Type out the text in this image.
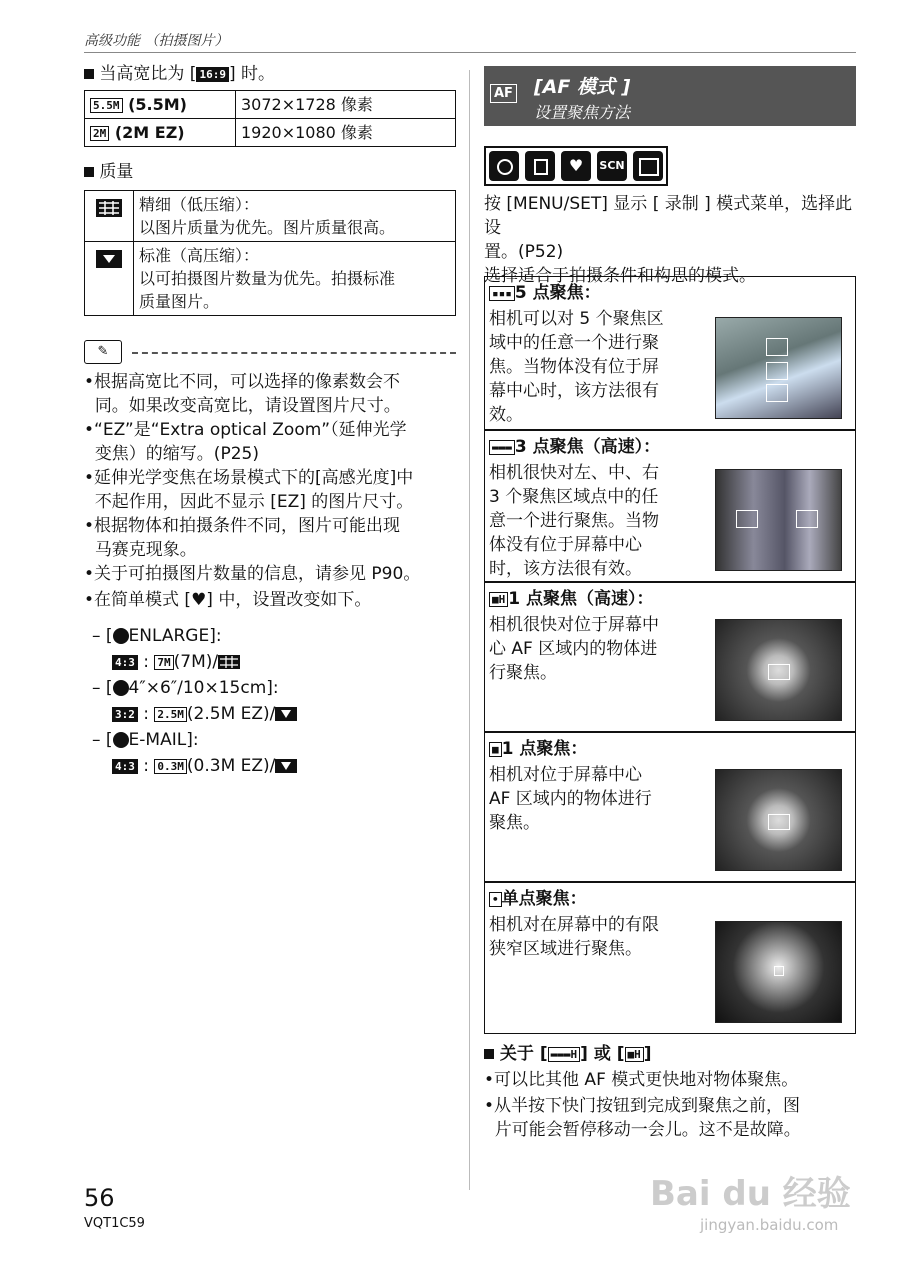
高级功能 （拍摄图片）
当高宽比为 [ 16:9 ] 时。
5.5M (5.5M)	3072×1728 像素
2M (2M EZ)	1920×1080 像素
质量

精细（低压缩）：
以图片质量为优先。图片质量很高。

标准（高压缩）：
以可拍摄图片数量为优先。拍摄标准
质量图片。
✎
•根据高宽比不同，可以选择的像素数会不
同。如果改变高宽比，请设置图片尺寸。
•“EZ”是“Extra optical Zoom”（延伸光学
变焦）的缩写。(P25)
•延伸光学变焦在场景模式下的[高感光度]中
不起作用，因此不显示 [EZ] 的图片尺寸。
•根据物体和拍摄条件不同，图片可能出现
马赛克现象。
•关于可拍摄图片数量的信息，请参见 P90。
•在简单模式 [♥] 中，设置改变如下。
– [ ENLARGE]:
4:3 : 7M (7M)/
– [ 4″×6″/10×15cm]:
3:2 : 2.5M (2.5M EZ)/
– [ E-MAIL]:
4:3 : 0.3M (0.3M EZ)/
56
VQT1C59
AF [AF 模式 ]
设置聚焦方法
♥	SCN
按 [MENU/SET] 显示 [ 录制 ] 模式菜单，选择此设
置。(P52)
选择适合于拍摄条件和构思的模式。
▪▪▪ 5 点聚焦：
相机可以对 5 个聚焦区
域中的任意一个进行聚
焦。当物体没有位于屏
幕中心时，该方法很有
效。
▬▬▬ 3 点聚焦（高速）：
相机很快对左、中、右
3 个聚焦区域点中的任
意一个进行聚焦。当物
体没有位于屏幕中心
时，该方法很有效。
■H 1 点聚焦（高速）：
相机很快对位于屏幕中
心 AF 区域内的物体进
行聚焦。
■ 1 点聚焦：
相机对位于屏幕中心
AF 区域内的物体进行
聚焦。
• 单点聚焦：
相机对在屏幕中的有限
狭窄区域进行聚焦。
关于 [ ▬▬▬H ] 或 [ ■H ]
•可以比其他 AF 模式更快地对物体聚焦。
•从半按下快门按钮到完成到聚焦之前，图
片可能会暂停移动一会儿。这不是故障。
Bai du 经验
jingyan.baidu.com
